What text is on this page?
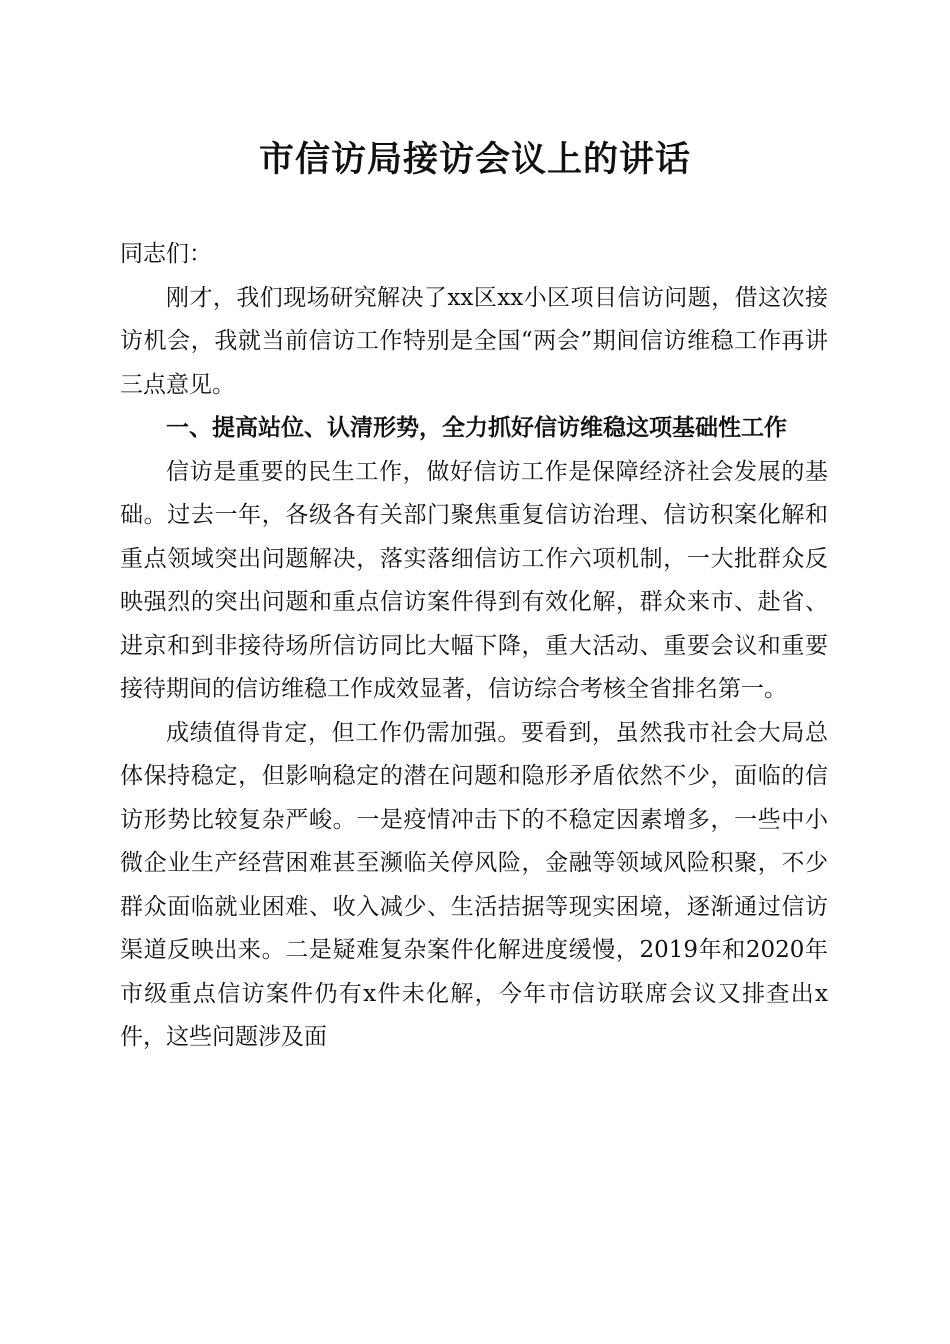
市信访局接访会议上的讲话

同志们：

刚才，我们现场研究解决了xx区xx小区项目信访问题，借这次接访机会，我就当前信访工作特别是全国“两会”期间信访维稳工作再讲三点意见。

一、提高站位、认清形势，全力抓好信访维稳这项基础性工作

信访是重要的民生工作，做好信访工作是保障经济社会发展的基础。过去一年，各级各有关部门聚焦重复信访治理、信访积案化解和重点领域突出问题解决，落实落细信访工作六项机制，一大批群众反映强烈的突出问题和重点信访案件得到有效化解，群众来市、赴省、进京和到非接待场所信访同比大幅下降，重大活动、重要会议和重要接待期间的信访维稳工作成效显著，信访综合考核全省排名第一。

成绩值得肯定，但工作仍需加强。要看到，虽然我市社会大局总体保持稳定，但影响稳定的潜在问题和隐形矛盾依然不少，面临的信访形势比较复杂严峻。一是疫情冲击下的不稳定因素增多，一些中小微企业生产经营困难甚至濒临关停风险，金融等领域风险积聚，不少群众面临就业困难、收入减少、生活拮据等现实困境，逐渐通过信访渠道反映出来。二是疑难复杂案件化解进度缓慢，2019年和2020年市级重点信访案件仍有x件未化解，今年市信访联席会议又排查出x件，这些问题涉及面
